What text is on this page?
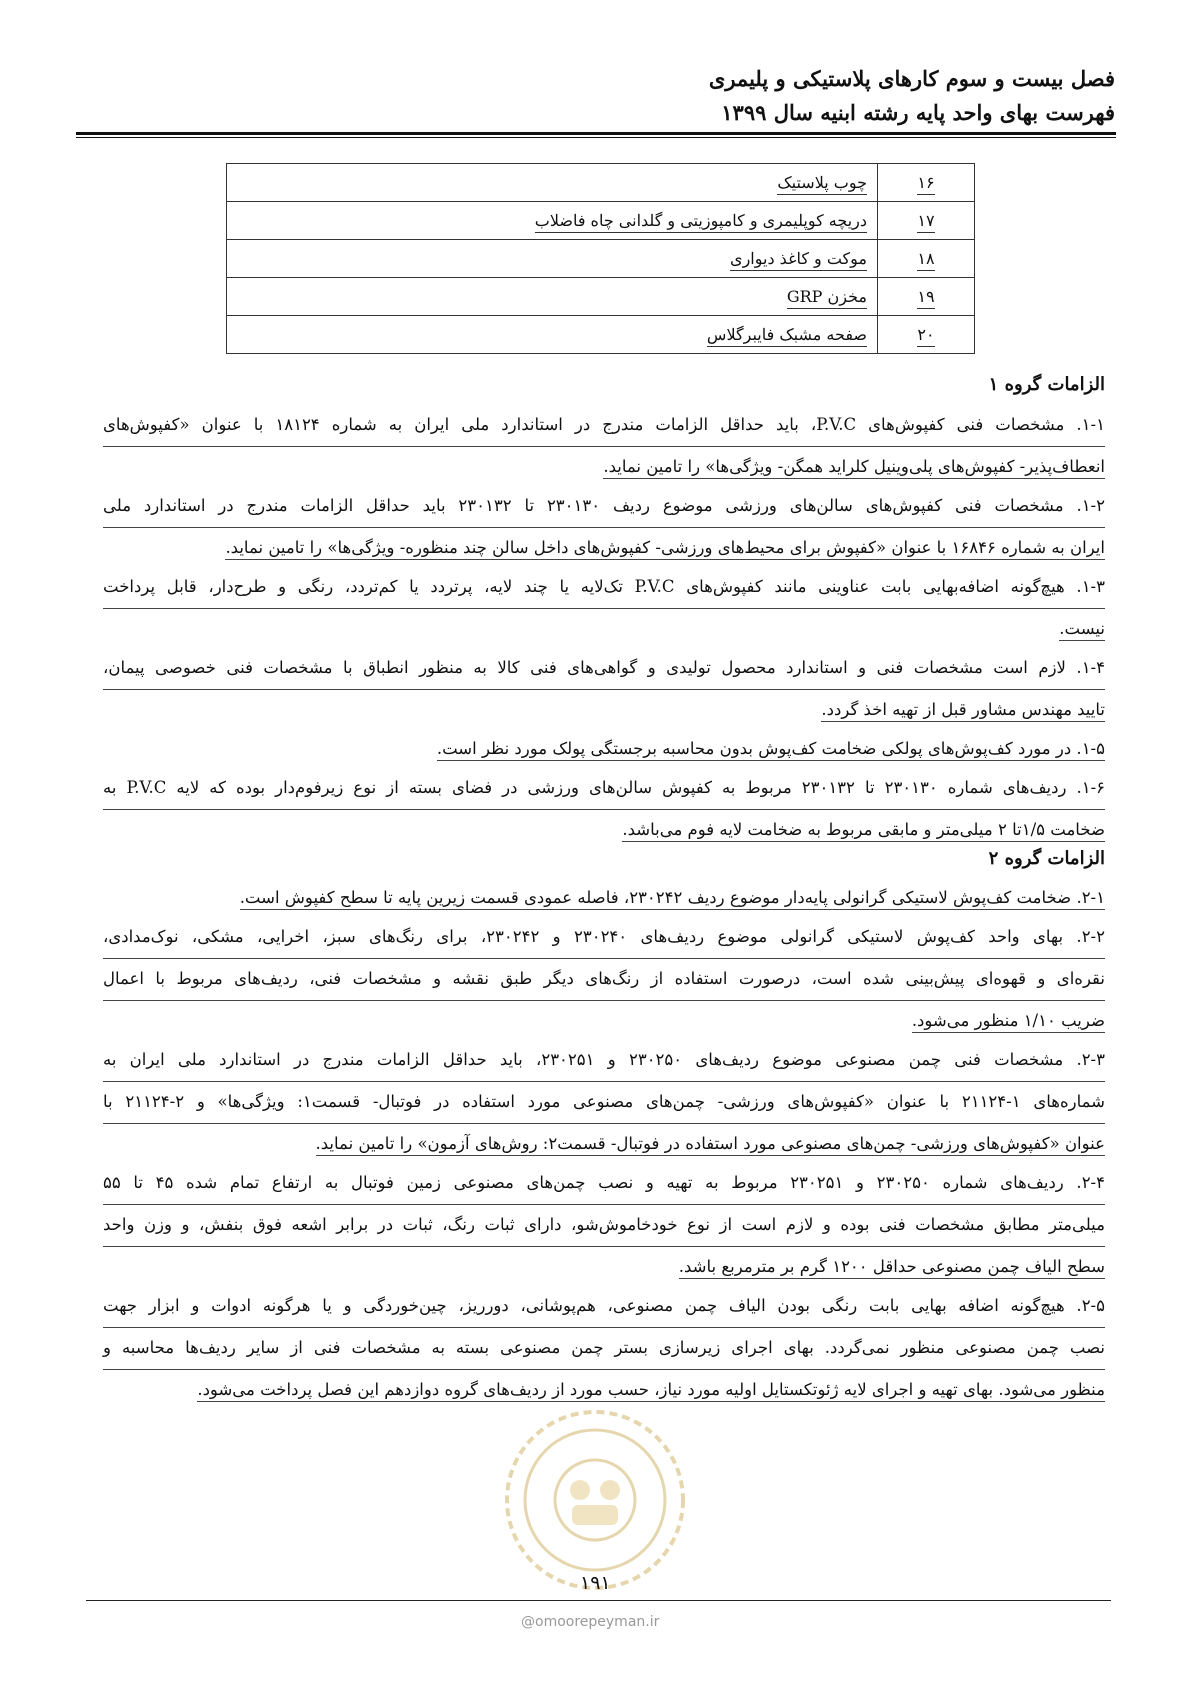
فصل بیست و سوم کارهای پلاستیکی و پلیمری
فهرست بهای واحد پایه رشته ابنیه سال ۱۳۹۹
۱۶	چوب پلاستیک
۱۷	دریچه کوپلیمری و کامپوزیتی و گلدانی چاه فاضلاب
۱۸	موکت و کاغذ دیواری
۱۹	مخزن GRP
۲۰	صفحه مشبک فایبرگلاس
الزامات گروه ۱
۱-۱. مشخصات فنی کفپوش‌های P.V.C، باید حداقل الزامات مندرج در استاندارد ملی ایران به شماره ۱۸۱۲۴ با عنوان «کفپوش‌های
انعطاف‌پذیر- کفپوش‌های پلی‌وینیل کلراید همگن- ویژگی‌ها» را تامین نماید.
۱-۲. مشخصات فنی کفپوش‌های سالن‌های ورزشی موضوع ردیف ۲۳۰۱۳۰ تا ۲۳۰۱۳۲ باید حداقل الزامات مندرج در استاندارد ملی
ایران به شماره ۱۶۸۴۶ با عنوان «کفپوش برای محیط‌های ورزشی- کفپوش‌های داخل سالن چند منظوره- ویژگی‌ها» را تامین نماید.
۱-۳. هیچ‌گونه اضافه‌بهایی بابت عناوینی مانند کفپوش‌های P.V.C تک‌لایه یا چند لایه، پرتردد یا کم‌تردد، رنگی و طرح‌دار، قابل پرداخت
نیست.
۱-۴. لازم است مشخصات فنی و استاندارد محصول تولیدی و گواهی‌های فنی کالا به منظور انطباق با مشخصات فنی خصوصی پیمان،
تایید مهندس مشاور قبل از تهیه اخذ گردد.
۱-۵. در مورد کف‌پوش‌های پولکی ضخامت کف‌پوش بدون محاسبه برجستگی پولک مورد نظر است.
۱-۶. ردیف‌های شماره ۲۳۰۱۳۰ تا ۲۳۰۱۳۲ مربوط به کفپوش سالن‌های ورزشی در فضای بسته از نوع زیرفوم‌دار بوده که لایه P.V.C به
ضخامت ۱/۵تا ۲ میلی‌متر و مابقی مربوط به ضخامت لایه فوم می‌باشد.
الزامات گروه ۲
۲-۱. ضخامت کف‌پوش لاستیکی گرانولی پایه‌دار موضوع ردیف ۲۳۰۲۴۲، فاصله عمودی قسمت زیرین پایه تا سطح کفپوش است.
۲-۲. بهای واحد کف‌پوش لاستیکی گرانولی موضوع ردیف‌های ۲۳۰۲۴۰ و ۲۳۰۲۴۲، برای رنگ‌های سبز، اخرایی، مشکی، نوک‌مدادی،
نقره‌ای و قهوه‌ای پیش‌بینی شده است، درصورت استفاده از رنگ‌های دیگر طبق نقشه و مشخصات فنی، ردیف‌های مربوط با اعمال
ضریب ۱/۱۰ منظور می‌شود.
۲-۳. مشخصات فنی چمن مصنوعی موضوع ردیف‌های ۲۳۰۲۵۰ و ۲۳۰۲۵۱، باید حداقل الزامات مندرج در استاندارد ملی ایران به
شماره‌های ۱-۲۱۱۲۴ با عنوان «کفپوش‌های ورزشی- چمن‌های مصنوعی مورد استفاده در فوتبال- قسمت۱: ویژگی‌ها» و ۲-۲۱۱۲۴ با
عنوان «کفپوش‌های ورزشی- چمن‌های مصنوعی مورد استفاده در فوتبال- قسمت۲: روش‌های آزمون» را تامین نماید.
۲-۴. ردیف‌های شماره ۲۳۰۲۵۰ و ۲۳۰۲۵۱ مربوط به تهیه و نصب چمن‌های مصنوعی زمین فوتبال به ارتفاع تمام شده ۴۵ تا ۵۵
میلی‌متر مطابق مشخصات فنی بوده و لازم است از نوع خودخاموش‌شو، دارای ثبات رنگ، ثبات در برابر اشعه فوق بنفش، و وزن واحد
سطح الیاف چمن مصنوعی حداقل ۱۲۰۰ گرم بر مترمربع باشد.
۲-۵. هیچ‌گونه اضافه بهایی بابت رنگی بودن الیاف چمن مصنوعی، هم‌پوشانی، دورریز، چین‌خوردگی و یا هرگونه ادوات و ابزار جهت
نصب چمن مصنوعی منظور نمی‌گردد. بهای اجرای زیرسازی بستر چمن مصنوعی بسته به مشخصات فنی از سایر ردیف‌ها محاسبه و
منظور می‌شود. بهای تهیه و اجرای لایه ژئوتکستایل اولیه مورد نیاز، حسب مورد از ردیف‌های گروه دوازدهم این فصل پرداخت می‌شود.
۱۹۱
@omoorepeyman.ir
